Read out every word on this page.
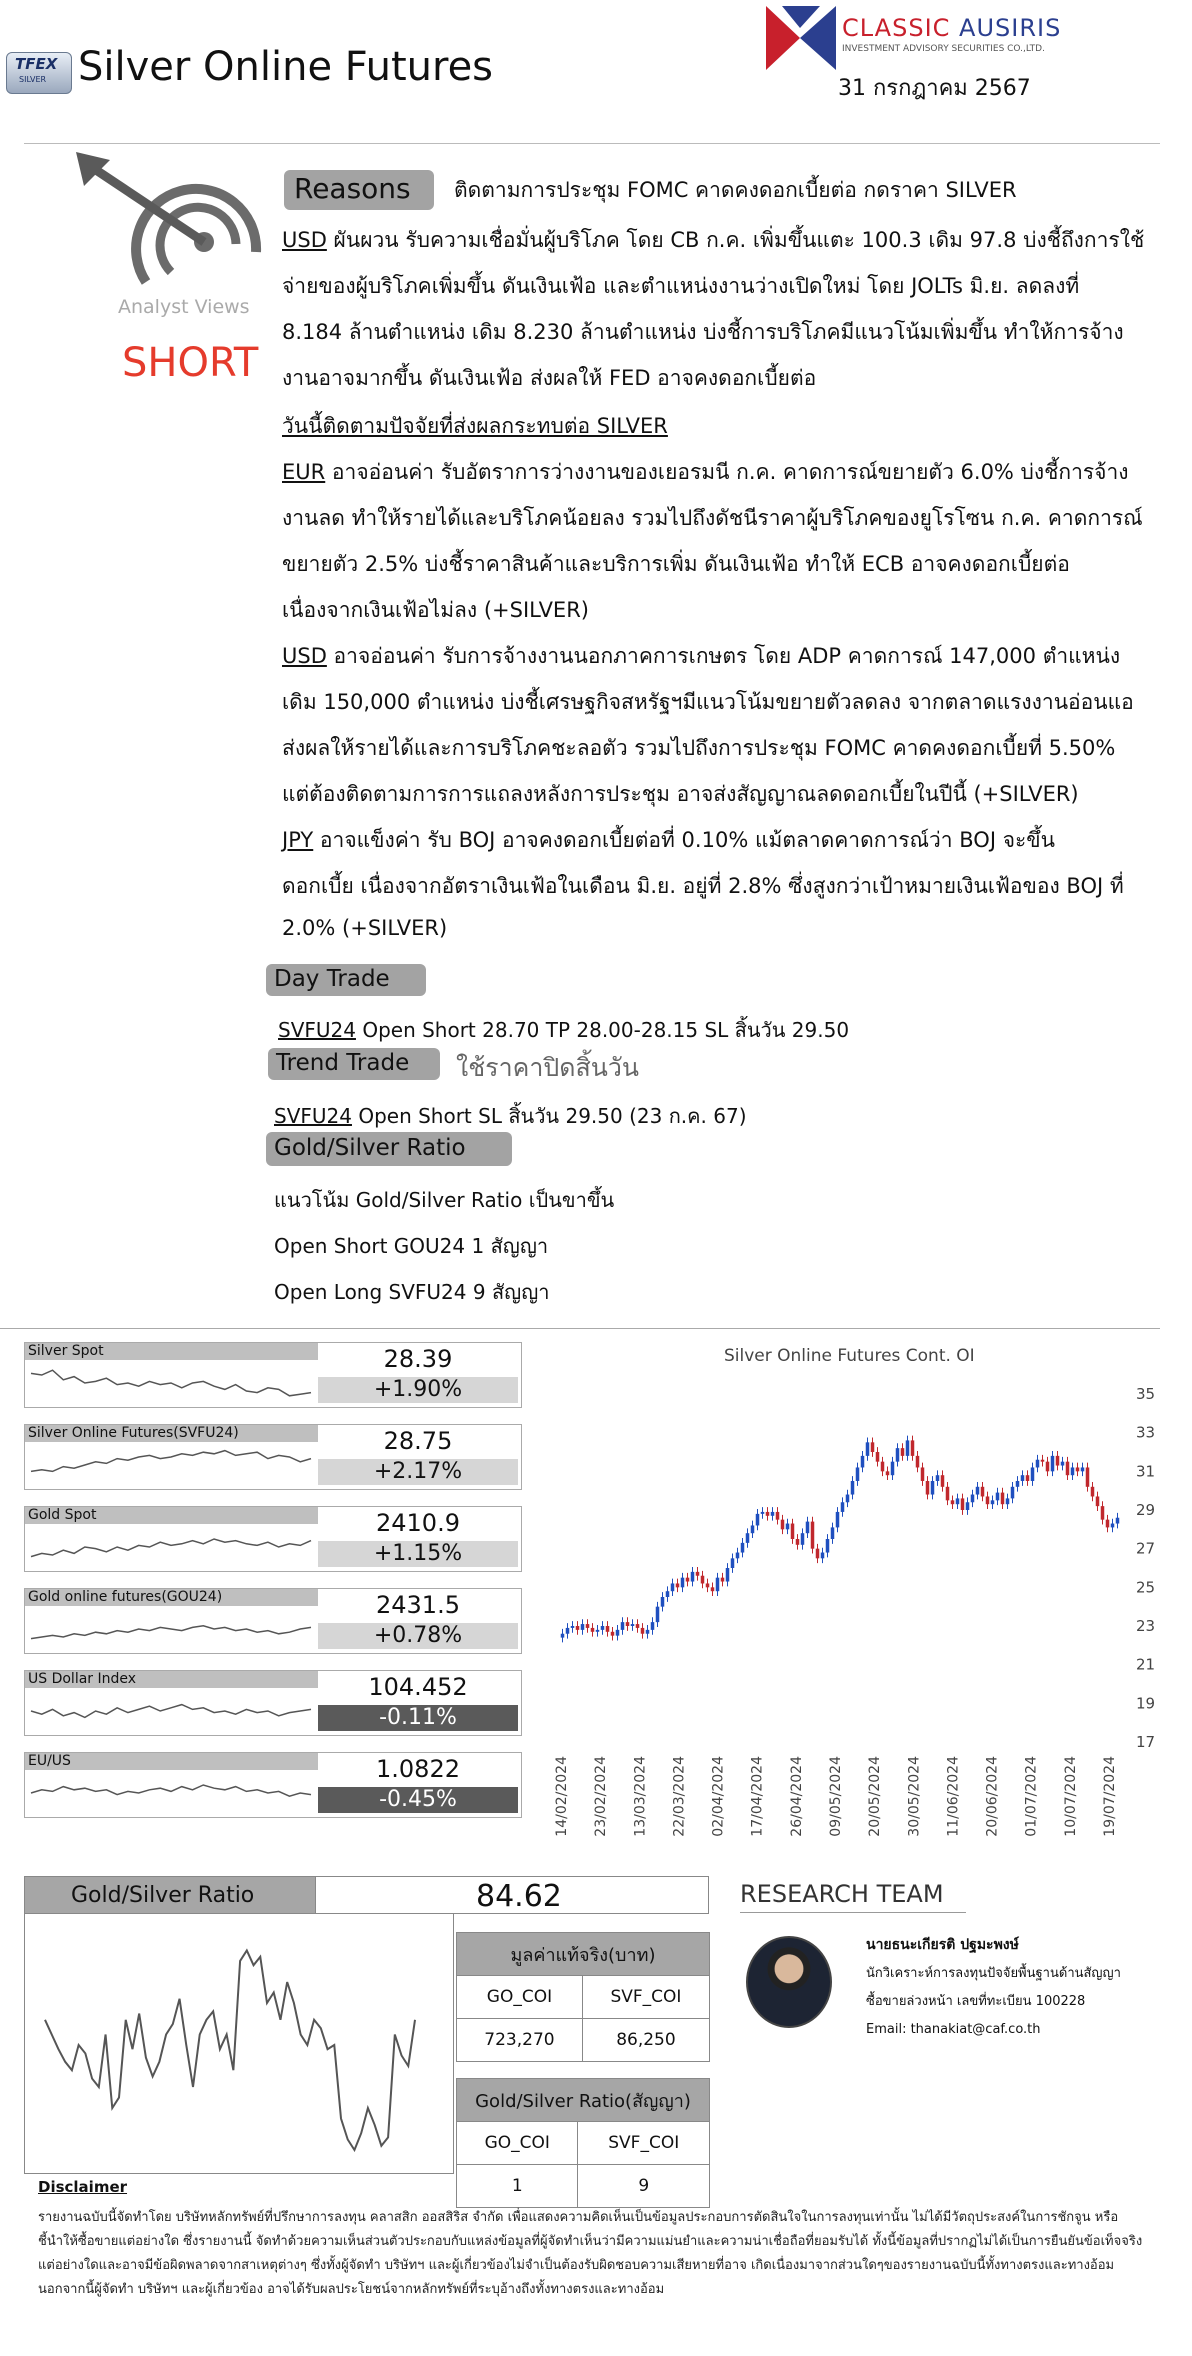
TFEX
SILVER Silver Online Futures
CLASSIC AUSIRIS
INVESTMENT ADVISORY SECURITIES CO.,LTD.
31 กรกฎาคม 2567
Analyst Views
SHORT
Reasons ติดตามการประชุม FOMC คาดคงดอกเบี้ยต่อ กดราคา SILVER
USD ผันผวน รับความเชื่อมั่นผู้บริโภค โดย CB ก.ค. เพิ่มขึ้นแตะ 100.3 เดิม 97.8 บ่งชี้ถึงการใช้
จ่ายของผู้บริโภคเพิ่มขึ้น ดันเงินเฟ้อ และตำแหน่งงานว่างเปิดใหม่ โดย JOLTs มิ.ย. ลดลงที่
8.184 ล้านตำแหน่ง เดิม 8.230 ล้านตำแหน่ง บ่งชี้การบริโภคมีแนวโน้มเพิ่มขึ้น ทำให้การจ้าง
งานอาจมากขึ้น ดันเงินเฟ้อ ส่งผลให้ FED อาจคงดอกเบี้ยต่อ
วันนี้ติดตามปัจจัยที่ส่งผลกระทบต่อ SILVER
EUR อาจอ่อนค่า รับอัตราการว่างงานของเยอรมนี ก.ค. คาดการณ์ขยายตัว 6.0% บ่งชี้การจ้าง
งานลด ทำให้รายได้และบริโภคน้อยลง รวมไปถึงดัชนีราคาผู้บริโภคของยูโรโซน ก.ค. คาดการณ์
ขยายตัว 2.5% บ่งชี้ราคาสินค้าและบริการเพิ่ม ดันเงินเฟ้อ ทำให้ ECB อาจคงดอกเบี้ยต่อ
เนื่องจากเงินเฟ้อไม่ลง (+SILVER)
USD อาจอ่อนค่า รับการจ้างงานนอกภาคการเกษตร โดย ADP คาดการณ์ 147,000 ตำแหน่ง
เดิม 150,000 ตำแหน่ง บ่งชี้เศรษฐกิจสหรัฐฯมีแนวโน้มขยายตัวลดลง จากตลาดแรงงานอ่อนแอ
ส่งผลให้รายได้และการบริโภคชะลอตัว รวมไปถึงการประชุม FOMC คาดคงดอกเบี้ยที่ 5.50%
แต่ต้องติดตามการการแถลงหลังการประชุม อาจส่งสัญญาณลดดอกเบี้ยในปีนี้ (+SILVER)
JPY อาจแข็งค่า รับ BOJ อาจคงดอกเบี้ยต่อที่ 0.10% แม้ตลาดคาดการณ์ว่า BOJ จะขึ้น
ดอกเบี้ย เนื่องจากอัตราเงินเฟ้อในเดือน มิ.ย. อยู่ที่ 2.8% ซึ่งสูงกว่าเป้าหมายเงินเฟ้อของ BOJ ที่
2.0% (+SILVER)
Day Trade
SVFU24 Open Short 28.70 TP 28.00-28.15 SL สิ้นวัน 29.50
Trend Trade ใช้ราคาปิดสิ้นวัน
SVFU24 Open Short SL สิ้นวัน 29.50 (23 ก.ค. 67)
Gold/Silver Ratio
แนวโน้ม Gold/Silver Ratio เป็นขาขึ้น
Open Short GOU24 1 สัญญา
Open Long SVFU24 9 สัญญา
Silver Spot	28.39
+1.90%
Silver Online Futures(SVFU24)	28.75
+2.17%
Gold Spot	2410.9
+1.15%
Gold online futures(GOU24)	2431.5
+0.78%
US Dollar Index	104.452
-0.11%
EU/US	1.0822
-0.45%
Silver Online Futures Cont. OI
17
19
21
23
25
27
29
31
33
35
14/02/2024 23/02/2024 13/03/2024 22/03/2024 02/04/2024 17/04/2024 26/04/2024 09/05/2024 20/05/2024 30/05/2024 11/06/2024 20/06/2024 01/07/2024 10/07/2024 19/07/2024
Gold/Silver Ratio	84.62
มูลค่าแท้จริง(บาท)	
GO_COI	SVF_COI
723,270	86,250
Gold/Silver Ratio(สัญญา)	
GO_COI	SVF_COI
1	9
RESEARCH TEAM
นายธนะเกียรติ ปฐมะพงษ์
นักวิเคราะห์การลงทุนปัจจัยพื้นฐานด้านสัญญา
ซื้อขายล่วงหน้า เลขที่ทะเบียน 100228
Email: thanakiat@caf.co.th
Disclaimer
รายงานฉบับนี้จัดทำโดย บริษัทหลักทรัพย์ที่ปรึกษาการลงทุน คลาสสิก ออสสิริส จำกัด เพื่อแสดงความคิดเห็นเป็นข้อมูลประกอบการตัดสินใจในการลงทุนเท่านั้น ไม่ได้มีวัตถุประสงค์ในการชักจูน หรือ
ชี้นำให้ซื้อขายแต่อย่างใด ซึ่งรายงานนี้ จัดทำด้วยความเห็นส่วนตัวประกอบกับแหล่งข้อมูลที่ผู้จัดทำเห็นว่ามีความแม่นยำและความน่าเชื่อถือที่ยอมรับได้ ทั้งนี้ข้อมูลที่ปรากฏไม่ได้เป็นการยืนยันข้อเท็จจริง
แต่อย่างใดและอาจมีข้อผิดพลาดจากสาเหตุต่างๆ ซึ่งทั้งผู้จัดทำ บริษัทฯ และผู้เกี่ยวข้องไม่จำเป็นต้องรับผิดชอบความเสียหายที่อาจ เกิดเนื่องมาจากส่วนใดๆของรายงานฉบับนี้ทั้งทางตรงและทางอ้อม
นอกจากนี้ผู้จัดทำ บริษัทฯ และผู้เกี่ยวข้อง อาจได้รับผลประโยชน์จากหลักทรัพย์ที่ระบุอ้างถึงทั้งทางตรงและทางอ้อม
